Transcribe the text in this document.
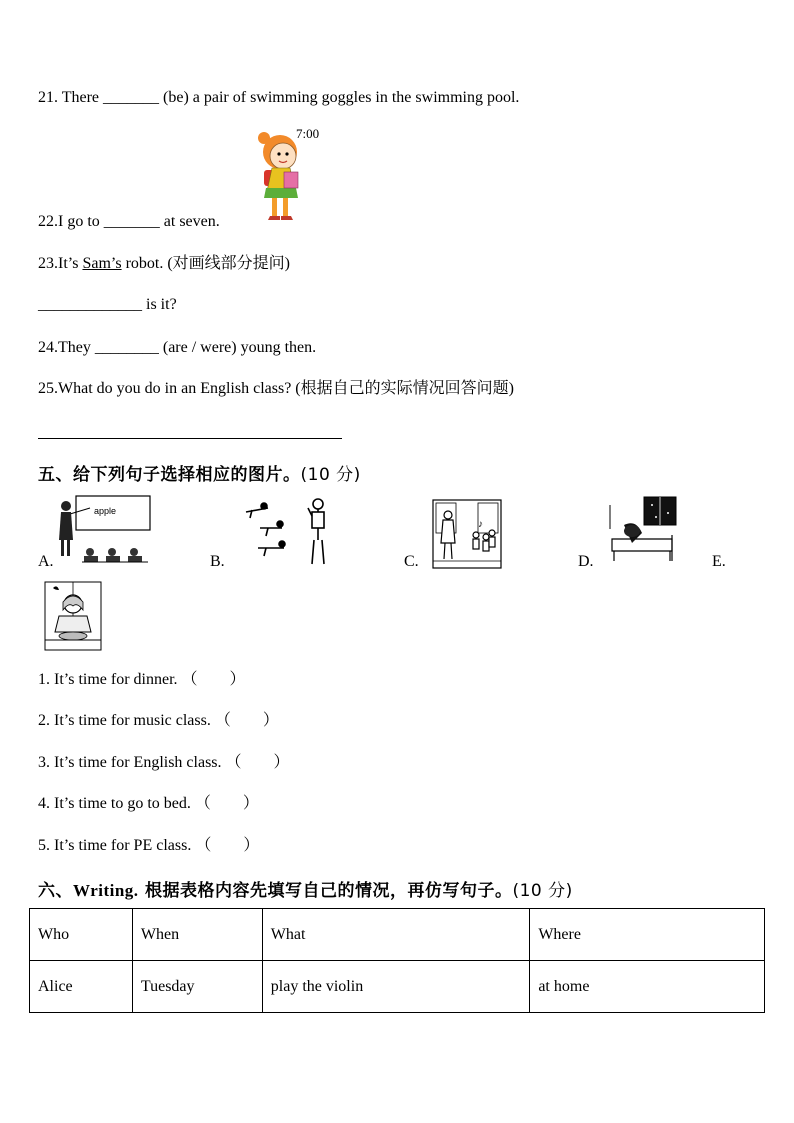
21. There _______ (be) a pair of swimming goggles in the swimming pool.
7:00
22.I go to _______ at seven.
23.It’s Sam’s robot. (对画线部分提问)
_____________ is it?
24.They ________ (are / were) young then.
25.What do you do in an English class? (根据自己的实际情况回答问题)
五、给下列句子选择相应的图片。(10 分)
apple
A.	B.
♪
C.	D.	E.
1. It’s time for dinner. （　　）
2. It’s time for music class. （　　）
3. It’s time for English class. （　　）
4. It’s time to go to bed. （　　）
5. It’s time for PE class. （　　）
六、Writing. 根据表格内容先填写自己的情况，再仿写句子。(10 分)
Who	When	What	Where
Alice	Tuesday	play the violin	at home
